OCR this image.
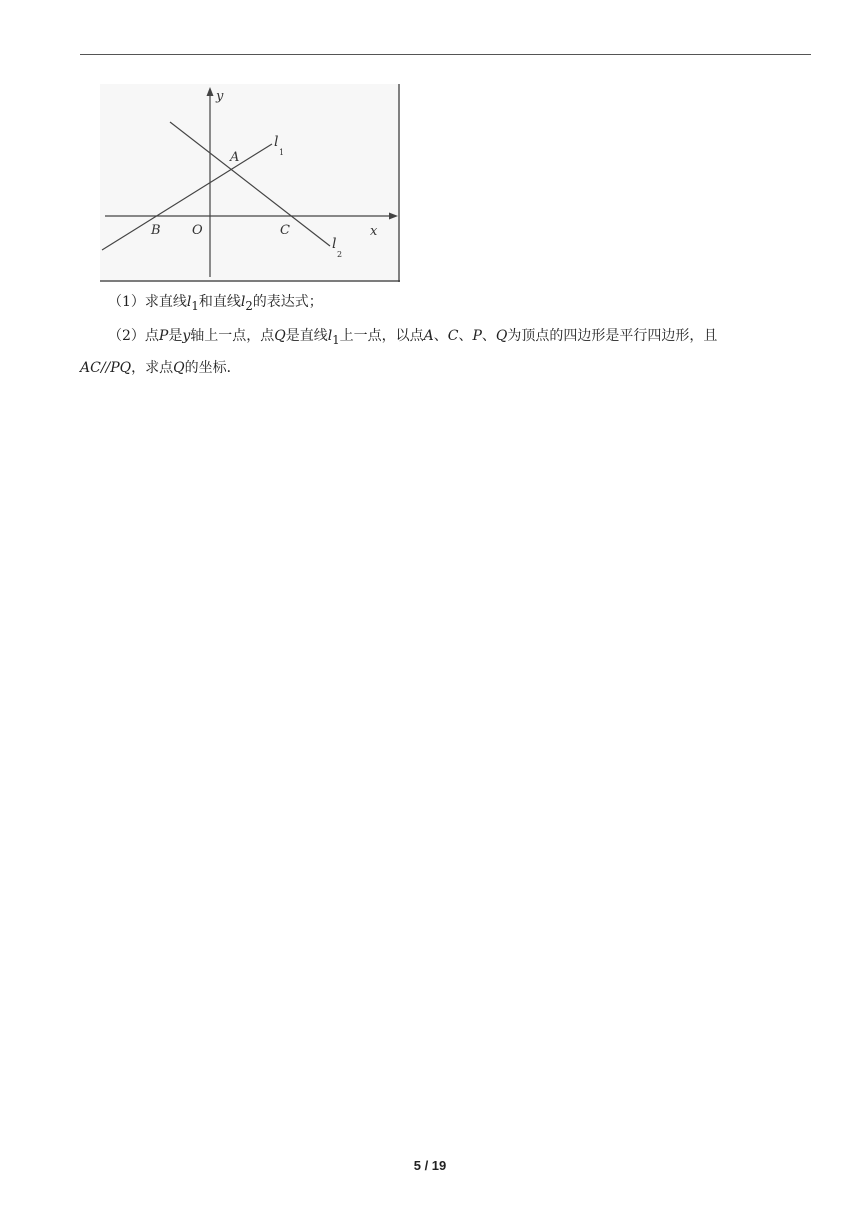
y
x
A
B O	C
l
1
l
2
（1）求直线$l_1$和直线$l_2$的表达式；
（2）点P是y轴上一点，点Q是直线$l_1$上一点，以点A、C、P、Q为顶点的四边形是平行四边形，且
AC//PQ，求点Q的坐标．
5 / 19
